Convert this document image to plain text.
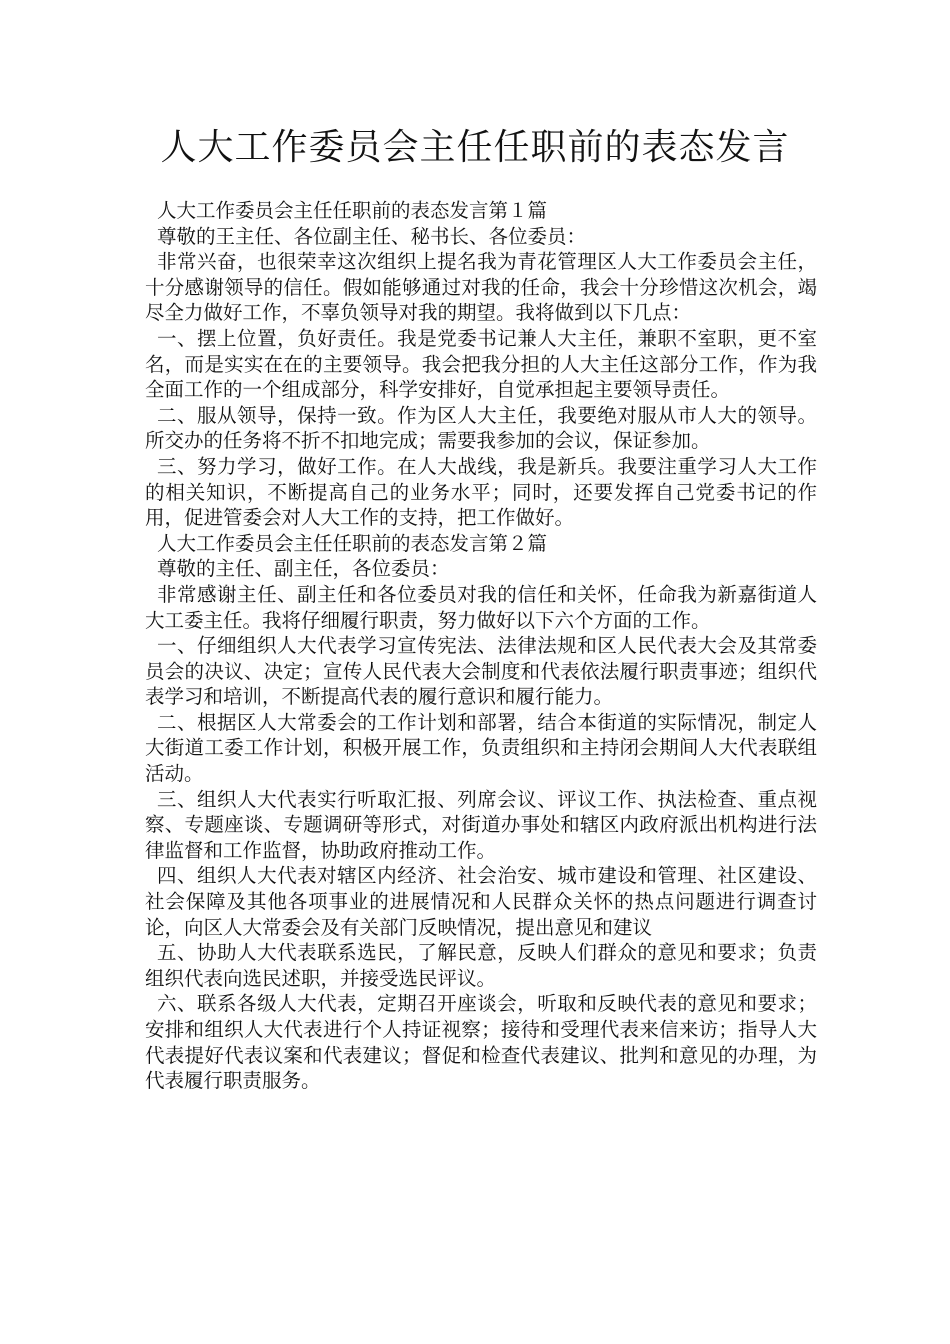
人大工作委员会主任任职前的表态发言

人大工作委员会主任任职前的表态发言第１篇

尊敬的王主任、各位副主任、秘书长、各位委员：

非常兴奋，也很荣幸这次组织上提名我为青花管理区人大工作委员会主任，十分感谢领导的信任。假如能够通过对我的任命，我会十分珍惜这次机会，竭尽全力做好工作，不辜负领导对我的期望。我将做到以下几点：

一、摆上位置，负好责任。我是党委书记兼人大主任，兼职不室职，更不室名，而是实实在在的主要领导。我会把我分担的人大主任这部分工作，作为我全面工作的一个组成部分，科学安排好，自觉承担起主要领导责任。

二、服从领导，保持一致。作为区人大主任，我要绝对服从市人大的领导。所交办的任务将不折不扣地完成；需要我参加的会议，保证参加。

三、努力学习，做好工作。在人大战线，我是新兵。我要注重学习人大工作的相关知识，不断提高自己的业务水平；同时，还要发挥自己党委书记的作用，促进管委会对人大工作的支持，把工作做好。

人大工作委员会主任任职前的表态发言第２篇

尊敬的主任、副主任，各位委员：

非常感谢主任、副主任和各位委员对我的信任和关怀，任命我为新嘉街道人大工委主任。我将仔细履行职责，努力做好以下六个方面的工作。

一、仔细组织人大代表学习宣传宪法、法律法规和区人民代表大会及其常委员会的决议、决定；宣传人民代表大会制度和代表依法履行职责事迹；组织代表学习和培训，不断提高代表的履行意识和履行能力。

二、根据区人大常委会的工作计划和部署，结合本街道的实际情况，制定人大街道工委工作计划，积极开展工作，负责组织和主持闭会期间人大代表联组活动。

三、组织人大代表实行听取汇报、列席会议、评议工作、执法检查、重点视察、专题座谈、专题调研等形式，对街道办事处和辖区内政府派出机构进行法律监督和工作监督，协助政府推动工作。

四、组织人大代表对辖区内经济、社会治安、城市建设和管理、社区建设、社会保障及其他各项事业的进展情况和人民群众关怀的热点问题进行调查讨论，向区人大常委会及有关部门反映情况，提出意见和建议

五、协助人大代表联系选民，了解民意，反映人们群众的意见和要求；负责组织代表向选民述职，并接受选民评议。

六、联系各级人大代表，定期召开座谈会，听取和反映代表的意见和要求；安排和组织人大代表进行个人持证视察；接待和受理代表来信来访；指导人大代表提好代表议案和代表建议；督促和检查代表建议、批判和意见的办理，为代表履行职责服务。
